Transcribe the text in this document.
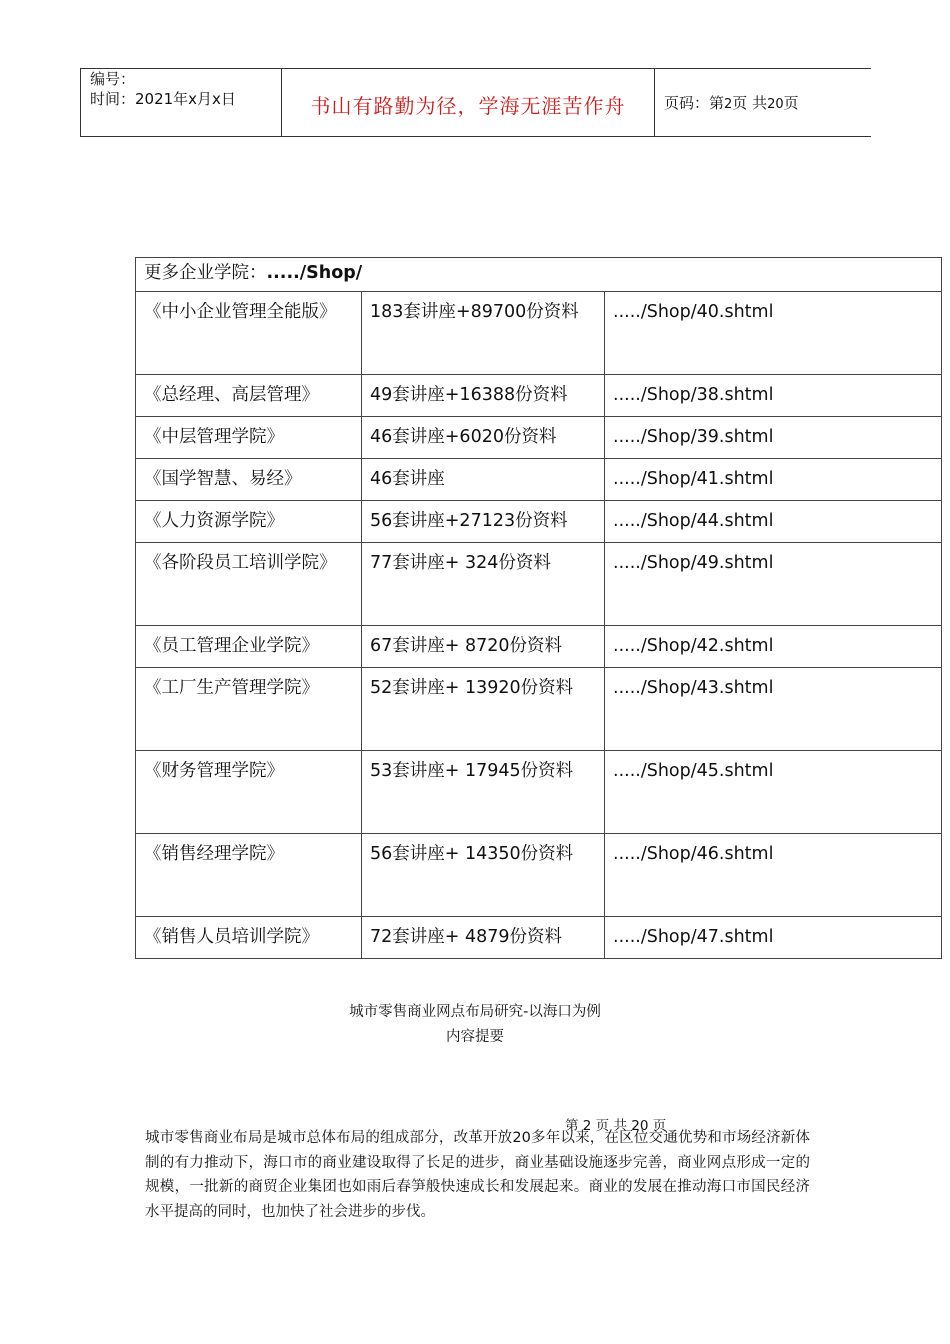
编号：
时间：2021年x月x日	书山有路勤为径，学海无涯苦作舟	页码：第2页 共20页
更多企业学院：...../Shop/		

《中小企业管理全能版》	183套讲座+89700份资料	...../Shop/40.shtml

《总经理、高层管理》	49套讲座+16388份资料	...../Shop/38.shtml

《中层管理学院》	46套讲座+6020份资料	...../Shop/39.shtml

《国学智慧、易经》	46套讲座	...../Shop/41.shtml

《人力资源学院》	56套讲座+27123份资料	...../Shop/44.shtml

《各阶段员工培训学院》	77套讲座+ 324份资料	...../Shop/49.shtml

《员工管理企业学院》	67套讲座+ 8720份资料	...../Shop/42.shtml

《工厂生产管理学院》	52套讲座+ 13920份资料	...../Shop/43.shtml

《财务管理学院》	53套讲座+ 17945份资料	...../Shop/45.shtml

《销售经理学院》	56套讲座+ 14350份资料	...../Shop/46.shtml

《销售人员培训学院》	72套讲座+ 4879份资料	...../Shop/47.shtml
城市零售商业网点布局研究-以海口为例
内容提要
第 2 页 共 20 页
城市零售商业布局是城市总体布局的组成部分，改革开放20多年以来，在区位交通优势和市场经济新体制的有力推动下，海口市的商业建设取得了长足的进步，商业基础设施逐步完善，商业网点形成一定的规模，一批新的商贸企业集团也如雨后春笋般快速成长和发展起来。商业的发展在推动海口市国民经济水平提高的同时，也加快了社会进步的步伐。
